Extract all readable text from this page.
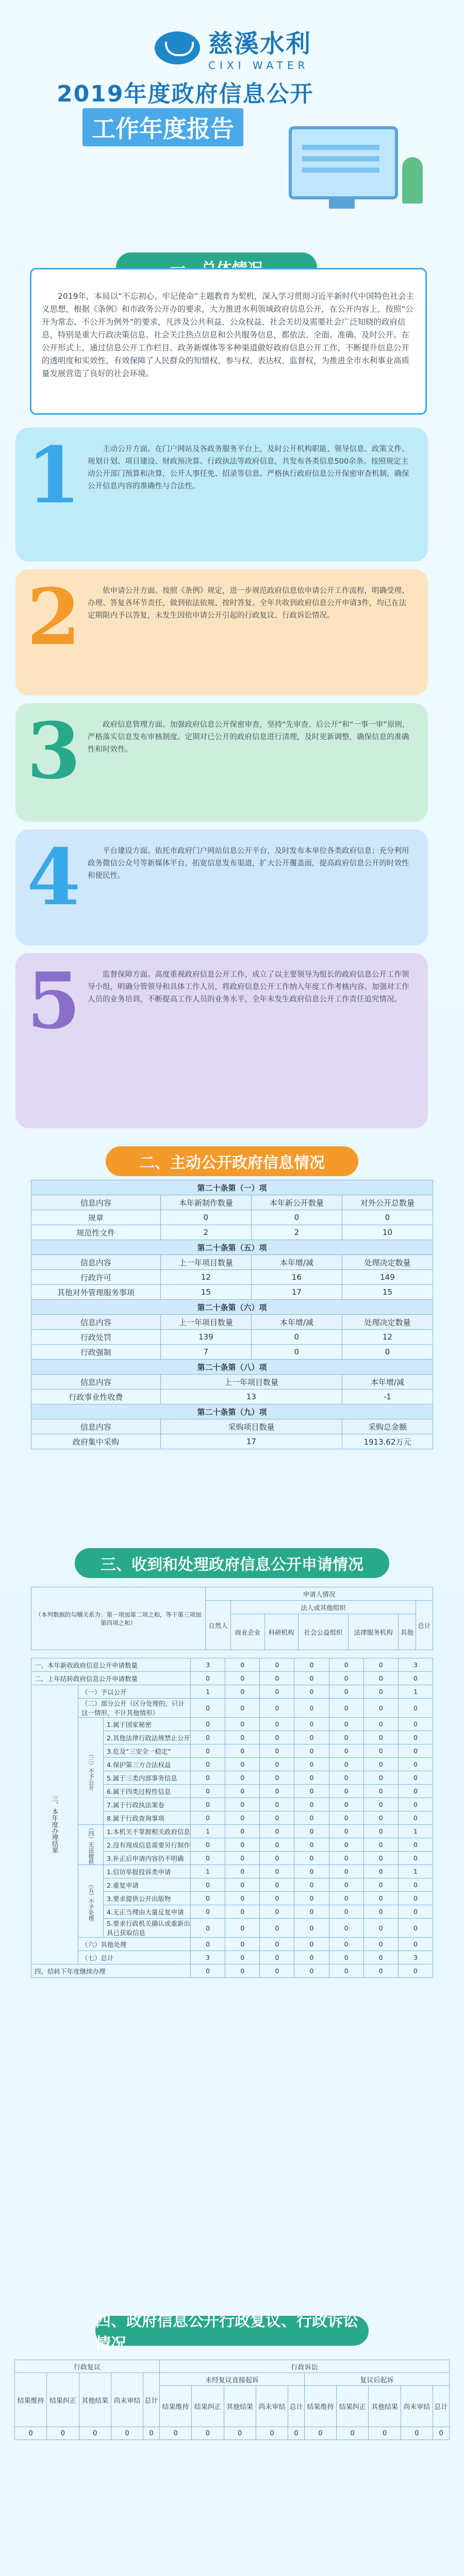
慈溪水利
CIXI WATER
2019年度政府信息公开
工作年度报告
2019年，本局以“不忘初心、牢记使命”主题教育为契机，深入学习贯彻习近平新时代中国特色社会主义思想，根据《条例》和市政务公开办的要求，大力推进水利领域政府信息公开，在公开内容上，按照“公开为常态、不公开为例外”的要求，凡涉及公共利益、公众权益、社会关切及需要社会广泛知晓的政府信息，特别是重大行政决策信息、社会关注热点信息和公共服务信息，都依法、全面、准确、及时公开。在公开形式上，通过信息公开工作栏目、政务新媒体等多种渠道做好政府信息公开工作，不断提升信息公开的透明度和实效性，有效保障了人民群众的知情权、参与权、表达权、监督权，为推进全市水利事业高质量发展营造了良好的社会环境。
1	主动公开方面。在门户网站及各政务服务平台上，及时公开机构职能、领导信息、政策文件、规划计划、项目建设、财政预决算、行政执法等政府信息，共发布各类信息500余条。按照规定主动公开部门预算和决算，公开人事任免、招录等信息。严格执行政府信息公开保密审查机制，确保公开信息内容的准确性与合法性。
2	依申请公开方面。按照《条例》规定，进一步规范政府信息依申请公开工作流程，明确受理、办理、答复各环节责任，做到依法依规、按时答复。全年共收到政府信息公开申请3件，均已在法定期限内予以答复，未发生因依申请公开引起的行政复议、行政诉讼情况。
3	政府信息管理方面。加强政府信息公开保密审查，坚持“先审查、后公开”和“一事一审”原则，严格落实信息发布审核制度。定期对已公开的政府信息进行清理，及时更新调整，确保信息的准确性和时效性。
4	平台建设方面。依托市政府门户网站信息公开平台，及时发布本单位各类政府信息；充分利用政务微信公众号等新媒体平台，拓宽信息发布渠道，扩大公开覆盖面，提高政府信息公开的时效性和便民性。
5	监督保障方面。高度重视政府信息公开工作，成立了以主要领导为组长的政府信息公开工作领导小组，明确分管领导和具体工作人员，将政府信息公开工作纳入年度工作考核内容。加强对工作人员的业务培训，不断提高工作人员的业务水平，全年未发生政府信息公开工作责任追究情况。
二、主动公开政府信息情况
第二十条第（一）项			
信息内容	本年新制作数量	本年新公开数量	对外公开总数量
规章	0	0	0
规范性文件	2	2	10
第二十条第（五）项			
信息内容	上一年项目数量	本年增/减	处理决定数量
行政许可	12	16	149
其他对外管理服务事项	15	17	15
第二十条第（六）项			
信息内容	上一年项目数量	本年增/减	处理决定数量
行政处罚	139	0	12
行政强制	7	0	0
第二十条第（八）项			
信息内容	上一年项目数量		本年增/减
行政事业性收费	13		-1
第二十条第（九）项			
信息内容	采购项目数量		采购总金额
政府集中采购	17		1913.62万元
三、收到和处理政府信息公开申请情况
（本列数据的勾稽关系为：第一项加第二项之和，等于第三项加第四项之和）	申请人情况						
	自然人	法人或其他组织					总计
		商业企业	科研机构	社会公益组织	法律服务机构	其他	
一、本年新收政府信息公开申请数量			3	0	0	0	0	0	3
二、上年结转政府信息公开申请数量			0	0	0	0	0	0	0
三、本年度办理结果	（一）予以公开		1	0	0	0	0	0	1
	（二）部分公开（区分处理的，只计这一情形，不计其他情形）		0	0	0	0	0	0	0
	（三）不予公开	1.属于国家秘密	0	0	0	0	0	0	0
		2.其他法律行政法规禁止公开	0	0	0	0	0	0	0
		3.危及“三安全一稳定”	0	0	0	0	0	0	0
		4.保护第三方合法权益	0	0	0	0	0	0	0
		5.属于三类内部事务信息	0	0	0	0	0	0	0
		6.属于四类过程性信息	0	0	0	0	0	0	0
		7.属于行政执法案卷	0	0	0	0	0	0	0
		8.属于行政查询事项	0	0	0	0	0	0	0
	（四）无法提供	1.本机关不掌握相关政府信息	1	0	0	0	0	0	1
		2.没有现成信息需要另行制作	0	0	0	0	0	0	0
		3.补正后申请内容仍不明确	0	0	0	0	0	0	0
	（五）不予处理	1.信访举报投诉类申请	1	0	0	0	0	0	1
		2.重复申请	0	0	0	0	0	0	0
		3.要求提供公开出版物	0	0	0	0	0	0	0
		4.无正当理由大量反复申请	0	0	0	0	0	0	0
		5.要求行政机关确认或重新出具已获取信息	0	0	0	0	0	0	0
	（六）其他处理		0	0	0	0	0	0	0
	（七）总计		3	0	0	0	0	0	3
四、结转下年度继续办理			0	0	0	0	0	0	0
四、政府信息公开行政复议、行政诉讼情况
行政复议					行政诉讼									
结果维持	结果纠正	其他结果	尚未审结	总计	未经复议直接起诉					复议后起诉				
					结果维持	结果纠正	其他结果	尚未审结	总计	结果维持	结果纠正	其他结果	尚未审结	总计
0	0	0	0	0	0	0	0	0	0	0	0	0	0	0
